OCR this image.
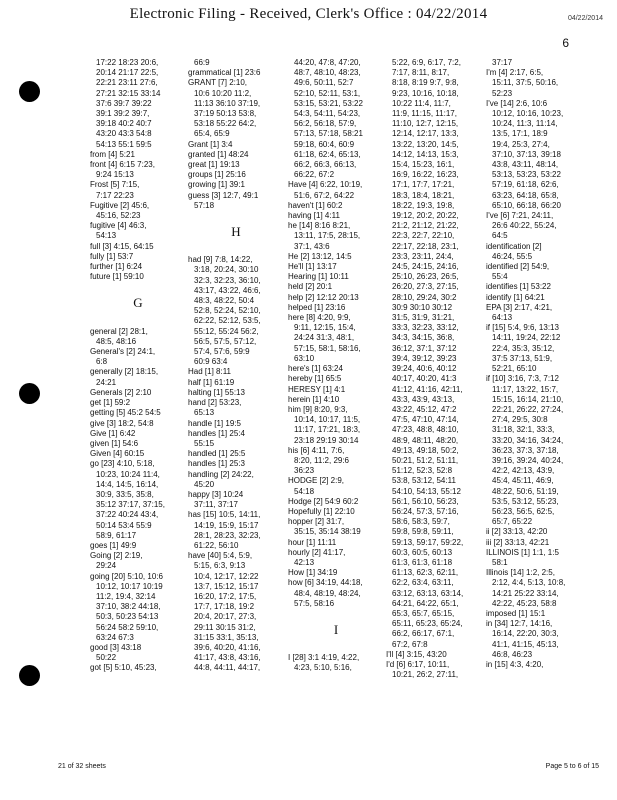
Electronic Filing - Received, Clerk's Office : 04/22/2014	04/22/2014
6
17:22 18:23 20:6,
20:14 21:17 22:5,
22:21 23:11 27:6,
27:21 32:15 33:14
37:6 39:7 39:22
39:1 39:2 39:7,
39:18 40:2 40:7
43:20 43:3 54:8
54:13 55:1 59:5
from [4] 5:21
front [4] 6:15 7:23,
9:24 15:13
Frost [5] 7:15,
7:17 22:23
Fugitive [2] 45:6,
45:16, 52:23
fugitive [4] 46:3,
54:13
full [3] 4:15, 64:15
fully [1] 53:7
further [1] 6:24
future [1] 59:10
G
general [2] 28:1,
48:5, 48:16
General's [2] 24:1,
6:8
generally [2] 18:15,
24:21
Generals [2] 2:10
get [1] 59:2
getting [5] 45:2 54:5
give [3] 18:2, 54:8
Give [1] 6:42
given [1] 54:6
Given [4] 60:15
go [23] 4:10, 5:18,
10:23, 10:24 11:4,
14:4, 14:5, 16:14,
30:9, 33:5, 35:8,
35:12 37:17, 37:15,
37:22 40:24 43:4,
50:14 53:4 55:9
58:9, 61:17
goes [1] 49:9
Going [2] 2:19,
29:24
going [20] 5:10, 10:6
10:12, 10:17 10:19
11:2, 19:4, 32:14
37:10, 38:2 44:18,
50:3, 50:23 54:13
56:24 58:2 59:10,
63:24 67:3
good [3] 43:18
50:22
got [5] 5:10, 45:23,
66:9
grammatical [1] 23:6
GRANT [7] 2:10,
10:6 10:20 11:2,
11:13 36:10 37:19,
37:19 50:13 53:8,
53:18 55:22 64:2,
65:4, 65:9
Grant [1] 3:4
granted [1] 48:24
great [1] 19:13
groups [1] 25:16
growing [1] 39:1
guess [3] 12:7, 49:1
57:18
H
had [9] 7:8, 14:22,
3:18, 20:24, 30:10
32:3, 32:23, 36:10,
43:17, 43:22, 46:6,
48:3, 48:22, 50:4
52:8, 52:24, 52:10,
62:22, 52:12, 53:5,
55:12, 55:24 56:2,
56:5, 57:5, 57:12,
57:4, 57:6, 59:9
60:9 63:4
Had [1] 8:11
half [1] 61:19
halting [1] 55:13
hand [2] 53:23,
65:13
handle [1] 19:5
handles [1] 25:4
55:15
handled [1] 25:5
handles [1] 25:3
handling [2] 24:22,
45:20
happy [3] 10:24
37:11, 37:17
has [15] 10:5, 14:11,
14:19, 15:9, 15:17
28:1, 28:23, 32:23,
61:22, 56:10
have [40] 5:4, 5:9,
5:15, 6:3, 9:13
10:4, 12:17, 12:22
13:7, 15:12, 15:17
16:20, 17:2, 17:5,
17:7, 17:18, 19:2
20:4, 20:17, 27:3,
29:11 30:15 31:2,
31:15 33:1, 35:13,
39:6, 40:20, 41:16,
41:17, 43:8, 43:16,
44:8, 44:11, 44:17,
44:20, 47:8, 47:20,
48:7, 48:10, 48:23,
49:6, 50:11, 52:7
52:10, 52:11, 53:1,
53:15, 53:21, 53:22
54:3, 54:11, 54:23,
56:2, 56:18, 57:9,
57:13, 57:18, 58:21
59:18, 60:4, 60:9
61:18, 62:4, 65:13,
66:2, 66:3, 66:13,
66:22, 67:2
Have [4] 6:22, 10:19,
51:6, 67:2, 64:22
haven't [1] 60:2
having [1] 4:11
he [14] 8:16 8:21,
13:11, 17:5, 28:15,
37:1, 43:6
He [2] 13:12, 14:5
He'll [1] 13:17
Hearing [1] 10:11
held [2] 20:1
help [2] 12:12 20:13
helped [1] 23:16
here [8] 4:20, 9:9,
9:11, 12:15, 15:4,
24:24 31:3, 48:1,
57:15, 58:1, 58:16,
63:10
here's [1] 63:24
hereby [1] 65:5
HERESY [1] 4:1
herein [1] 4:10
him [9] 8:20, 9:3,
10:14, 10:17, 11:5,
11:17, 17:21, 18:3,
23:18 29:19 30:14
his [6] 4:11, 7:6,
8:20, 11:2, 29:6
36:23
HODGE [2] 2:9,
54:18
Hodge [2] 54:9 60:2
Hopefully [1] 22:10
hopper [2] 31:7,
35:15, 35:14 38:19
hour [1] 11:11
hourly [2] 41:17,
42:13
How [1] 34:19
how [6] 34:19, 44:18,
48:4, 48:19, 48:24,
57:5, 58:16
I
I [28] 3:1 4:19, 4:22,
4:23, 5:10, 5:16,
5:22, 6:9, 6:17, 7:2,
7:17, 8:11, 8:17,
8:18, 8:19 9:7, 9:8,
9:23, 10:16, 10:18,
10:22 11:4, 11:7,
11:9, 11:15, 11:17,
11:10, 12:7, 12:15,
12:14, 12:17, 13:3,
13:22, 13:20, 14:5,
14:12, 14:13, 15:3,
15:4, 15:23, 16:1,
16:9, 16:22, 16:23,
17:1, 17:7, 17:21,
18:3, 18:4, 18:21,
18:22, 19:3, 19:8,
19:12, 20:2, 20:22,
21:2, 21:12, 21:22,
22:3, 22:7, 22:10,
22:17, 22:18, 23:1,
23:3, 23:11, 24:4,
24:5, 24:15, 24:16,
25:10, 26:23, 26:5,
26:20, 27:3, 27:15,
28:10, 29:24, 30:2
30:9 30:10 30:12
31:5, 31:9, 31:21,
33:3, 32:23, 33:12,
34:3, 34:15, 36:8,
36:12, 37:1, 37:12
39:4, 39:12, 39:23
39:24, 40:6, 40:12
40:17, 40:20, 41:3
41:12, 41:16, 42:11,
43:3, 43:9, 43:13,
43:22, 45:12, 47:2
47:5, 47:10, 47:14,
47:23, 48:8, 48:10,
48:9, 48:11, 48:20,
49:13, 49:18, 50:2,
50:21, 51:2, 51:11,
51:12, 52:3, 52:8
53:8, 53:12, 54:11
54:10, 54:13, 55:12
56:1, 56:10, 56:23,
56:24, 57:3, 57:16,
58:6, 58:3, 59:7,
59:8, 59:8, 59:11,
59:13, 59:17, 59:22,
60:3, 60:5, 60:13
61:3, 61:3, 61:18
61:13, 62:3, 62:11,
62:2, 63:4, 63:11,
63:12, 63:13, 63:14,
64:21, 64:22, 65:1,
65:3, 65:7, 65:15,
65:11, 65:23, 65:24,
66:2, 66:17, 67:1,
67:2, 67:8
I'll [4] 3:15, 43:20
I'd [6] 6:17, 10:11,
10:21, 26:2, 27:11,
37:17
I'm [4] 2:17, 6:5,
15:11, 37:5, 50:16,
52:23
I've [14] 2:6, 10:6
10:12, 10:16, 10:23,
10:24, 11:3, 11:14,
13:5, 17:1, 18:9
19:4, 25:3, 27:4,
37:10, 37:13, 39:18
43:8, 43:11, 48:14,
53:13, 53:23, 53:22
57:19, 61:18, 62:6,
63:23, 64:18, 65:8,
65:10, 66:18, 66:20
I've [6] 7:21, 24:11,
26:6 40:22, 55:24,
64:5
identification [2]
46:24, 55:5
identified [2] 54:9,
55:4
identifies [1] 53:22
identify [1] 64:21
EPA [3] 2:17, 4:21,
64:13
if [15] 5:4, 9:6, 13:13
14:11, 19:24, 22:12
22:4, 35:3, 35:12,
37:5 37:13, 51:9,
52:21, 65:10
if [10] 3:16, 7:3, 7:12
11:17, 13:22, 15:7,
15:15, 16:14, 21:10,
22:21, 26:22, 27:24,
27:4, 29:5, 30:8
31:18, 32:1, 33:3,
33:20, 34:16, 34:24,
36:23, 37:3, 37:18,
39:16, 39:24, 40:24,
42:2, 42:13, 43:9,
45:4, 45:11, 46:9,
48:22, 50:6, 51:19,
53:5, 53:12, 55:23,
56:23, 56:5, 62:5,
65:7, 65:22
ii [2] 33:13, 42:20
iii [2] 33:13, 42:21
ILLINOIS [1] 1:1, 1:5
58:1
Illinois [14] 1:2, 2:5,
2:12, 4:4, 5:13, 10:8,
14:21 25:22 33:14,
42:22, 45:23, 58:8
imposed [1] 15:1
in [34] 12:7, 14:16,
16:14, 22:20, 30:3,
41:1, 41:15, 45:13,
46:8, 46:23
in [15] 4:3, 4:20,
21 of 32 sheets	Page 5 to 6 of 15
